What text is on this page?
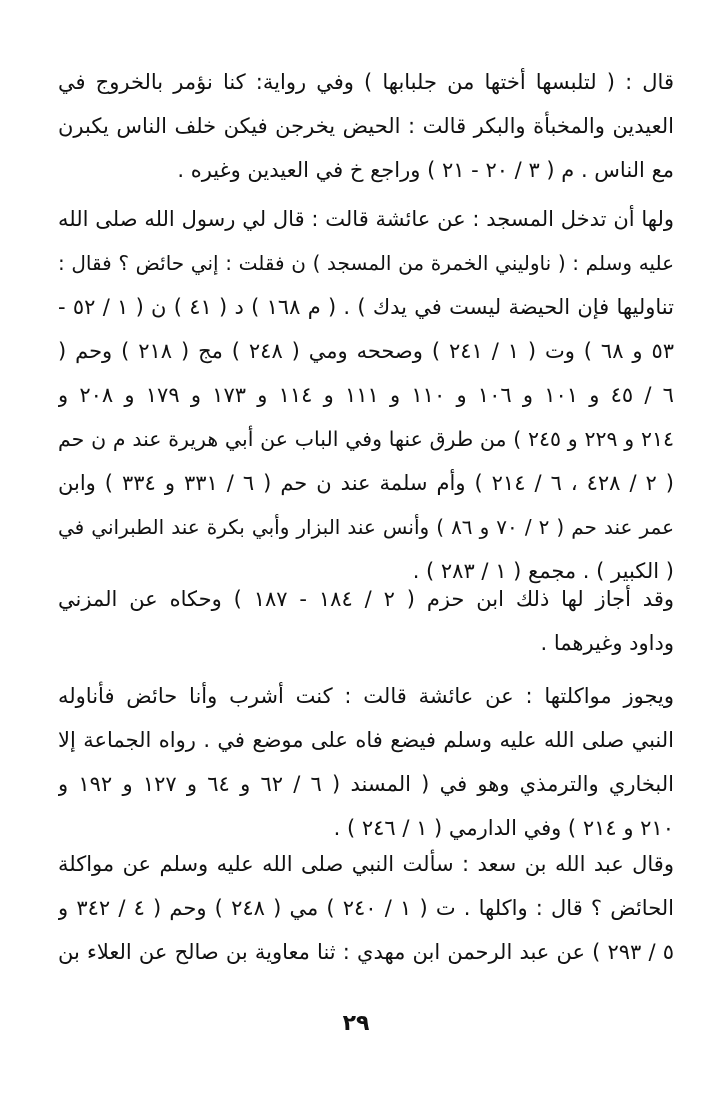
قال : ( لتلبسها أختها من جلبابها ) وفي رواية: كنا نؤمر بالخروج في
العيدين والمخبأة والبكر قالت : الحيض يخرجن فيكن خلف الناس يكبرن
مع الناس . م ( ٣ / ٢٠ - ٢١ ) وراجع خ في العيدين وغيره .
ولها أن تدخل المسجد : عن عائشة قالت : قال لي رسول الله صلى الله
عليه وسلم : ( ناوليني الخمرة من المسجد ) ن فقلت : إني حائض ؟ فقال :
تناوليها فإن الحيضة ليست في يدك ) . ( م ١٦٨ ) د ( ٤١ ) ن ( ١ / ٥٢ -
٥٣ و ٦٨ ) وت ( ١ / ٢٤١ ) وصححه ومي ( ٢٤٨ ) مج ( ٢١٨ ) وحم (
٦ / ٤٥ و ١٠١ و ١٠٦ و ١١٠ و ١١١ و ١١٤ و ١٧٣ و ١٧٩ و ٢٠٨ و
٢١٤ و ٢٢٩ و ٢٤٥ ) من طرق عنها وفي الباب عن أبي هريرة عند م ن حم
( ٢ / ٤٢٨ ، ٦ / ٢١٤ ) وأم سلمة عند ن حم ( ٦ / ٣٣١ و ٣٣٤ ) وابن
عمر عند حم ( ٢ / ٧٠ و ٨٦ ) وأنس عند البزار وأبي بكرة عند الطبراني في
( الكبير ) . مجمع ( ١ / ٢٨٣ ) .
وقد أجاز لها ذلك ابن حزم ( ٢ / ١٨٤ - ١٨٧ ) وحكاه عن المزني
وداود وغيرهما .
ويجوز مواكلتها : عن عائشة قالت : كنت أشرب وأنا حائض فأناوله
النبي صلى الله عليه وسلم فيضع فاه على موضع في . رواه الجماعة إلا
البخاري والترمذي وهو في ( المسند ( ٦ / ٦٢ و ٦٤ و ١٢٧ و ١٩٢ و
٢١٠ و ٢١٤ ) وفي الدارمي ( ١ / ٢٤٦ ) .
وقال عبد الله بن سعد : سألت النبي صلى الله عليه وسلم عن مواكلة
الحائض ؟ قال : واكلها . ت ( ١ / ٢٤٠ ) مي ( ٢٤٨ ) وحم ( ٤ / ٣٤٢ و
٥ / ٢٩٣ ) عن عبد الرحمن ابن مهدي : ثنا معاوية بن صالح عن العلاء بن
٢٩
